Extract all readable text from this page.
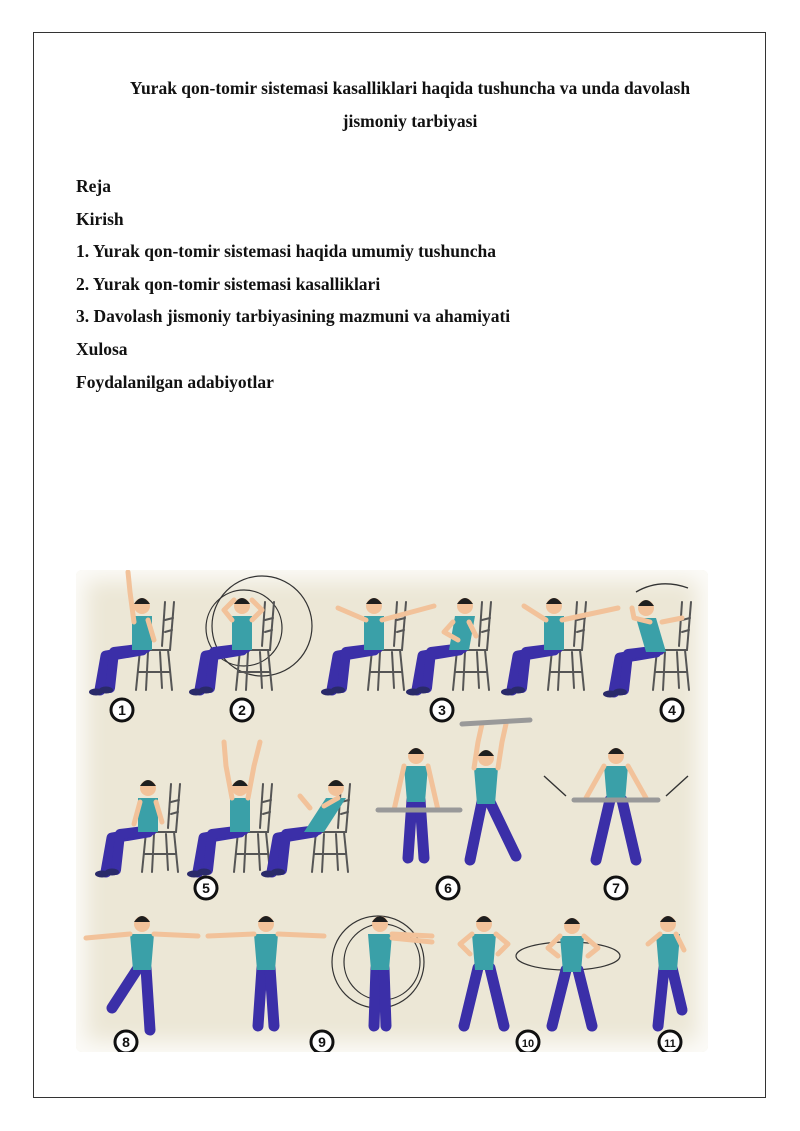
Yurak qon-tomir sistemasi kasalliklari haqida tushuncha va unda davolash
jismoniy tarbiyasi
Reja
Kirish
1. Yurak qon-tomir sistemasi haqida umumiy tushuncha
2. Yurak qon-tomir sistemasi kasalliklari
3. Davolash jismoniy tarbiyasining mazmuni va ahamiyati
Xulosa
Foydalanilgan adabiyotlar
1	2	3	4
5	6	7
8	9	10	11
